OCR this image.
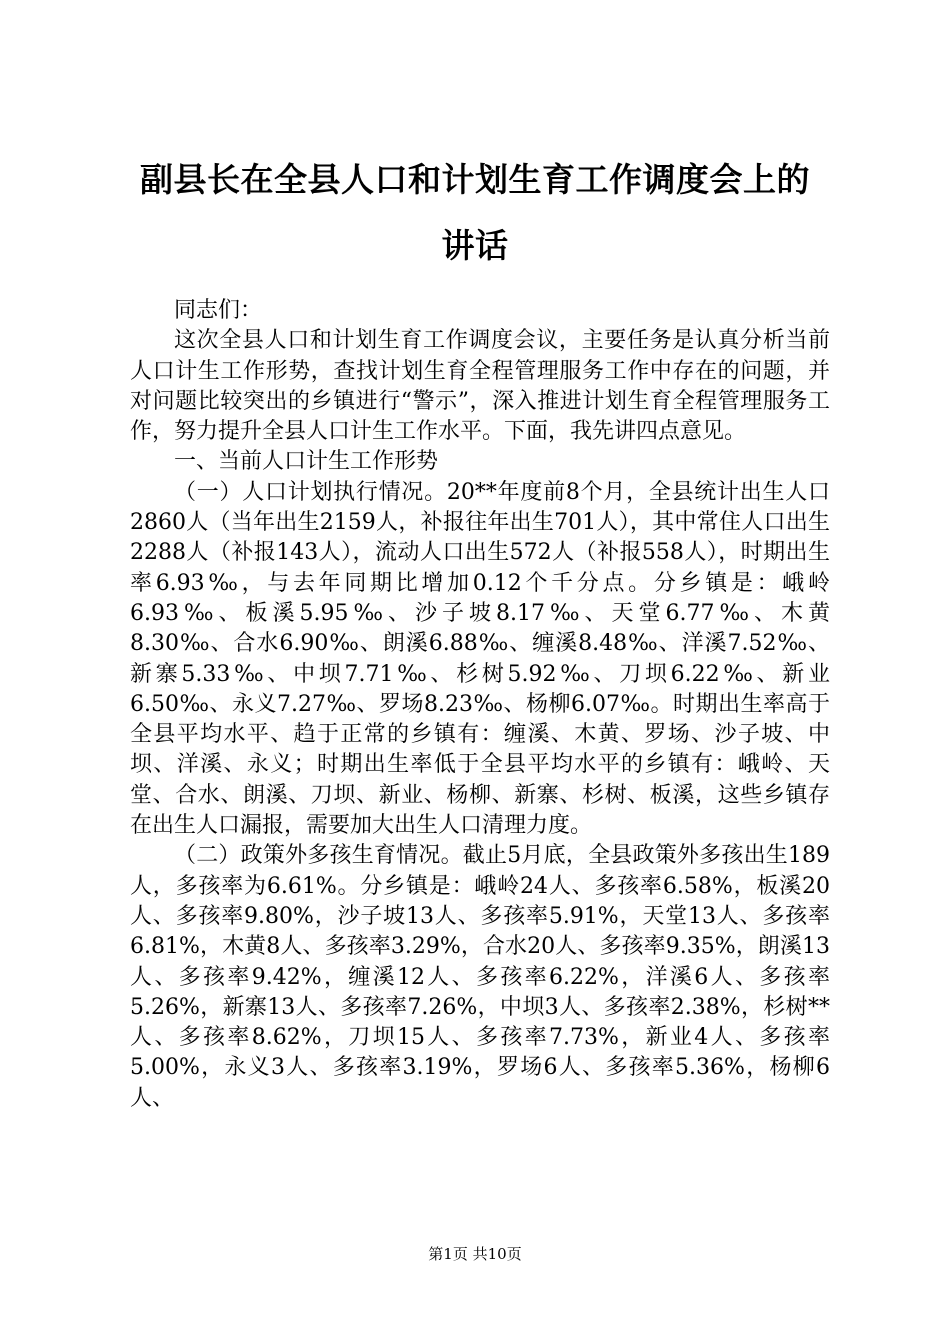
副县长在全县人口和计划生育工作调度会上的
讲话

同志们：

这次全县人口和计划生育工作调度会议，主要任务是认真分析当前人口计生工作形势，查找计划生育全程管理服务工作中存在的问题，并对问题比较突出的乡镇进行“警示”，深入推进计划生育全程管理服务工作，努力提升全县人口计生工作水平。下面，我先讲四点意见。

一、当前人口计生工作形势

（一）人口计划执行情况。20**年度前8个月，全县统计出生人口2860人（当年出生2159人，补报往年出生701人），其中常住人口出生2288人（补报143人），流动人口出生572人（补报558人），时期出生率6.93‰，与去年同期比增加0.12个千分点。分乡镇是：峨岭6.93‰、板溪5.95‰、沙子坡8.17‰、天堂6.77‰、木黄8.30‰、合水6.90‰、朗溪6.88‰、缠溪8.48‰、洋溪7.52‰、新寨5.33‰、中坝7.71‰、杉树5.92‰、刀坝6.22‰、新业6.50‰、永义7.27‰、罗场8.23‰、杨柳6.07‰。时期出生率高于全县平均水平、趋于正常的乡镇有：缠溪、木黄、罗场、沙子坡、中坝、洋溪、永义；时期出生率低于全县平均水平的乡镇有：峨岭、天堂、合水、朗溪、刀坝、新业、杨柳、新寨、杉树、板溪，这些乡镇存在出生人口漏报，需要加大出生人口清理力度。

（二）政策外多孩生育情况。截止5月底，全县政策外多孩出生189人，多孩率为6.61%。分乡镇是：峨岭24人、多孩率6.58%，板溪20人、多孩率9.80%，沙子坡13人、多孩率5.91%，天堂13人、多孩率6.81%，木黄8人、多孩率3.29%，合水20人、多孩率9.35%，朗溪13人、多孩率9.42%，缠溪12人、多孩率6.22%，洋溪6人、多孩率5.26%，新寨13人、多孩率7.26%，中坝3人、多孩率2.38%，杉树**人、多孩率8.62%，刀坝15人、多孩率7.73%，新业4人、多孩率5.00%，永义3人、多孩率3.19%，罗场6人、多孩率5.36%，杨柳6人、

第1页 共10页
